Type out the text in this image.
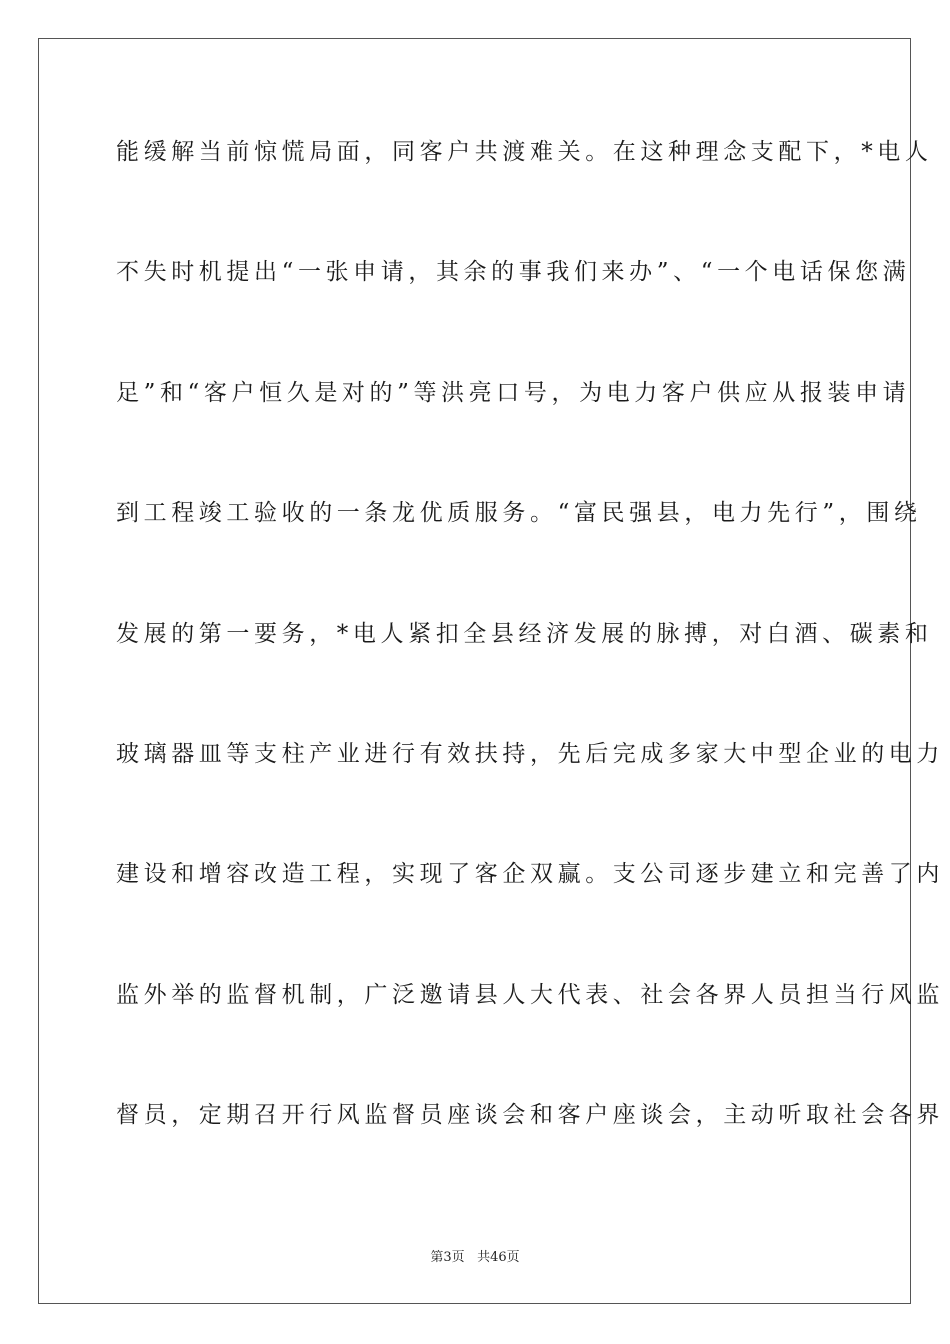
能缓解当前惊慌局面，同客户共渡难关。在这种理念支配下，*电人
不失时机提出“一张申请，其余的事我们来办”、“一个电话保您满
足”和“客户恒久是对的”等洪亮口号，为电力客户供应从报装申请
到工程竣工验收的一条龙优质服务。“富民强县，电力先行”，围绕
发展的第一要务，*电人紧扣全县经济发展的脉搏，对白酒、碳素和
玻璃器皿等支柱产业进行有效扶持，先后完成多家大中型企业的电力
建设和增容改造工程，实现了客企双赢。支公司逐步建立和完善了内
监外举的监督机制，广泛邀请县人大代表、社会各界人员担当行风监
督员，定期召开行风监督员座谈会和客户座谈会，主动听取社会各界
第3页 共46页
